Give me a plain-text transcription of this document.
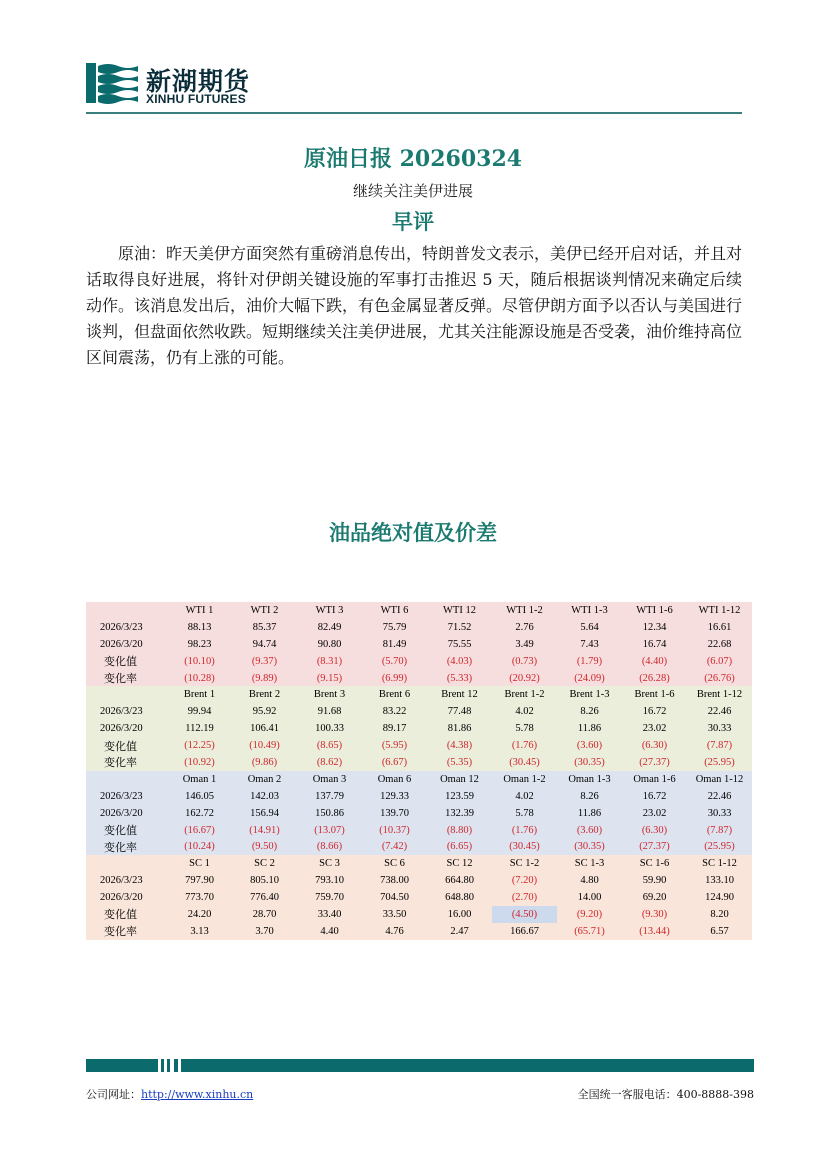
新湖期货
XINHU FUTURES
原油日报 20260324
继续关注美伊进展
早评
原油：昨天美伊方面突然有重磅消息传出，特朗普发文表示，美伊已经开启对话，并且对话取得良好进展，将针对伊朗关键设施的军事打击推迟 5 天，随后根据谈判情况来确定后续动作。该消息发出后，油价大幅下跌，有色金属显著反弹。尽管伊朗方面予以否认与美国进行谈判，但盘面依然收跌。短期继续关注美伊进展，尤其关注能源设施是否受袭，油价维持高位区间震荡，仍有上涨的可能。
油品绝对值及价差
	WTI 1	WTI 2	WTI 3	WTI 6	WTI 12	WTI 1-2	WTI 1-3	WTI 1-6	WTI 1-12
2026/3/23	88.13	85.37	82.49	75.79	71.52	2.76	5.64	12.34	16.61
2026/3/20	98.23	94.74	90.80	81.49	75.55	3.49	7.43	16.74	22.68
变化值	(10.10)	(9.37)	(8.31)	(5.70)	(4.03)	(0.73)	(1.79)	(4.40)	(6.07)
变化率	(10.28)	(9.89)	(9.15)	(6.99)	(5.33)	(20.92)	(24.09)	(26.28)	(26.76)
	Brent 1	Brent 2	Brent 3	Brent 6	Brent 12	Brent 1-2	Brent 1-3	Brent 1-6	Brent 1-12
2026/3/23	99.94	95.92	91.68	83.22	77.48	4.02	8.26	16.72	22.46
2026/3/20	112.19	106.41	100.33	89.17	81.86	5.78	11.86	23.02	30.33
变化值	(12.25)	(10.49)	(8.65)	(5.95)	(4.38)	(1.76)	(3.60)	(6.30)	(7.87)
变化率	(10.92)	(9.86)	(8.62)	(6.67)	(5.35)	(30.45)	(30.35)	(27.37)	(25.95)
	Oman 1	Oman 2	Oman 3	Oman 6	Oman 12	Oman 1-2	Oman 1-3	Oman 1-6	Oman 1-12
2026/3/23	146.05	142.03	137.79	129.33	123.59	4.02	8.26	16.72	22.46
2026/3/20	162.72	156.94	150.86	139.70	132.39	5.78	11.86	23.02	30.33
变化值	(16.67)	(14.91)	(13.07)	(10.37)	(8.80)	(1.76)	(3.60)	(6.30)	(7.87)
变化率	(10.24)	(9.50)	(8.66)	(7.42)	(6.65)	(30.45)	(30.35)	(27.37)	(25.95)
	SC 1	SC 2	SC 3	SC 6	SC 12	SC 1-2	SC 1-3	SC 1-6	SC 1-12
2026/3/23	797.90	805.10	793.10	738.00	664.80	(7.20)	4.80	59.90	133.10
2026/3/20	773.70	776.40	759.70	704.50	648.80	(2.70)	14.00	69.20	124.90
变化值	24.20	28.70	33.40	33.50	16.00	(4.50)	(9.20)	(9.30)	8.20
变化率	3.13	3.70	4.40	4.76	2.47	166.67	(65.71)	(13.44)	6.57
公司网址：http://www.xinhu.cn	全国统一客服电话：400-8888-398
